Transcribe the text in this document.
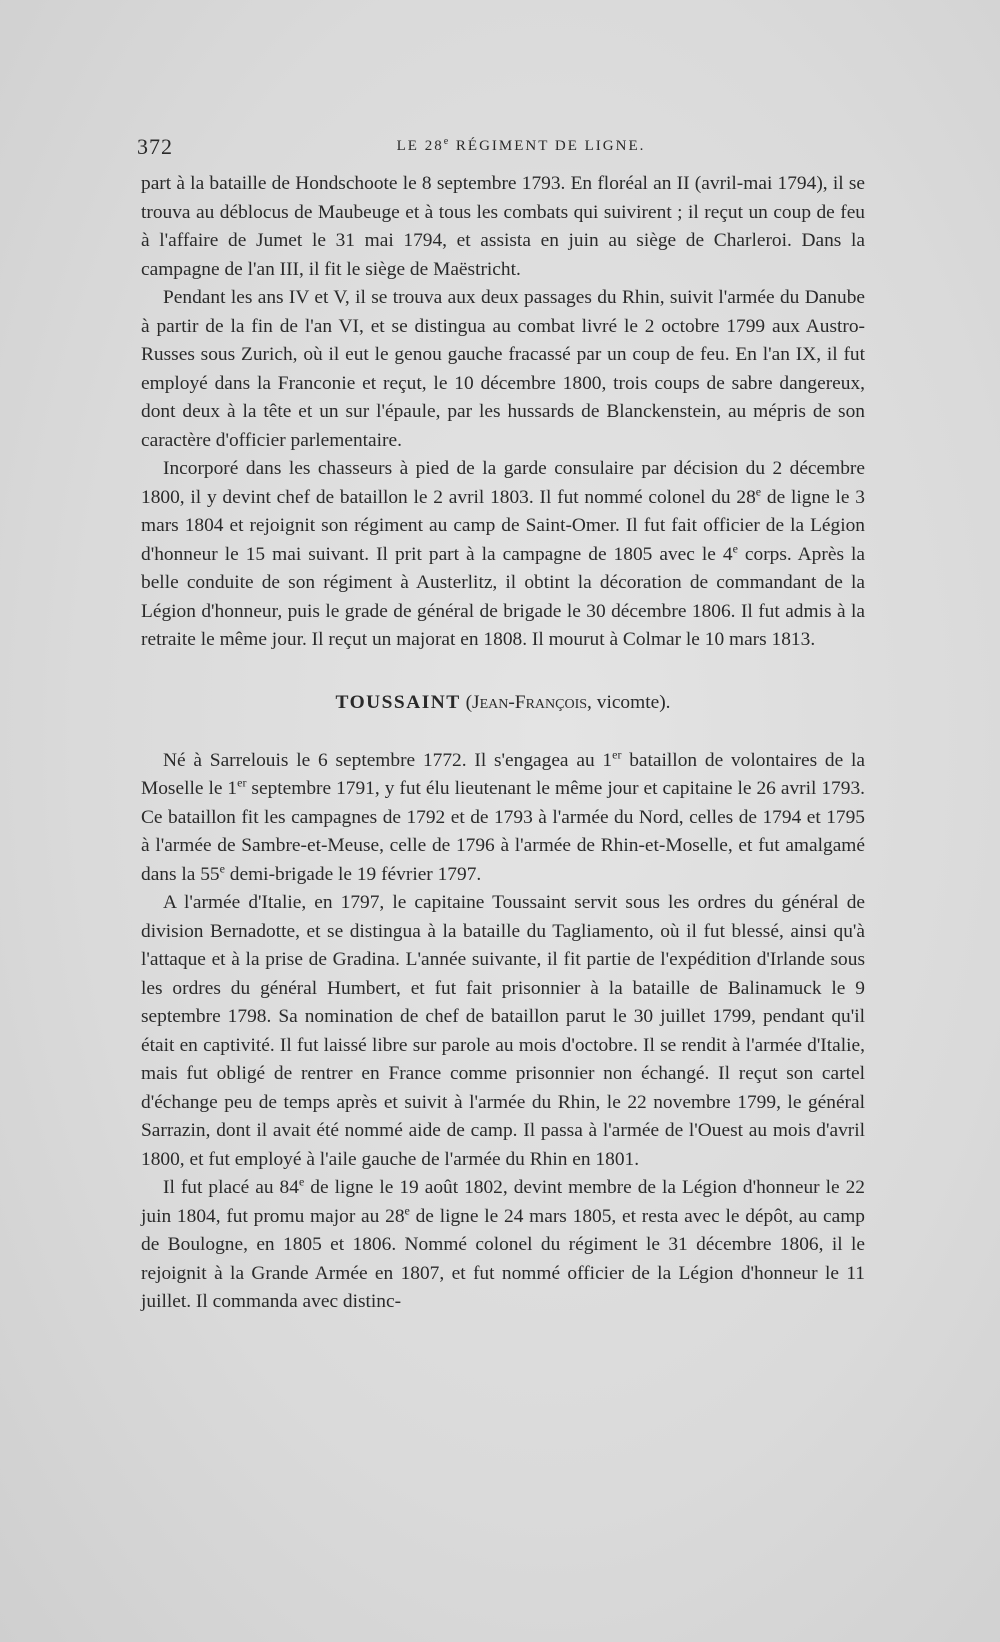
372	LE 28e RÉGIMENT DE LIGNE.

part à la bataille de Hondschoote le 8 septembre 1793. En floréal an II (avril-mai 1794), il se trouva au déblocus de Maubeuge et à tous les combats qui suivirent ; il reçut un coup de feu à l'affaire de Jumet le 31 mai 1794, et assista en juin au siège de Charleroi. Dans la campagne de l'an III, il fit le siège de Maëstricht.

Pendant les ans IV et V, il se trouva aux deux passages du Rhin, suivit l'armée du Danube à partir de la fin de l'an VI, et se distingua au combat livré le 2 octobre 1799 aux Austro-Russes sous Zurich, où il eut le genou gauche fracassé par un coup de feu. En l'an IX, il fut employé dans la Franconie et reçut, le 10 décembre 1800, trois coups de sabre dangereux, dont deux à la tête et un sur l'épaule, par les hussards de Blanckenstein, au mépris de son caractère d'officier parlementaire.

Incorporé dans les chasseurs à pied de la garde consulaire par décision du 2 décembre 1800, il y devint chef de bataillon le 2 avril 1803. Il fut nommé colonel du 28e de ligne le 3 mars 1804 et rejoignit son régiment au camp de Saint-Omer. Il fut fait officier de la Légion d'honneur le 15 mai suivant. Il prit part à la campagne de 1805 avec le 4e corps. Après la belle conduite de son régiment à Austerlitz, il obtint la décoration de commandant de la Légion d'honneur, puis le grade de général de brigade le 30 décembre 1806. Il fut admis à la retraite le même jour. Il reçut un majorat en 1808. Il mourut à Colmar le 10 mars 1813.

TOUSSAINT (Jean-François, vicomte).

Né à Sarrelouis le 6 septembre 1772. Il s'engagea au 1er bataillon de volontaires de la Moselle le 1er septembre 1791, y fut élu lieutenant le même jour et capitaine le 26 avril 1793. Ce bataillon fit les campagnes de 1792 et de 1793 à l'armée du Nord, celles de 1794 et 1795 à l'armée de Sambre-et-Meuse, celle de 1796 à l'armée de Rhin-et-Moselle, et fut amalgamé dans la 55e demi-brigade le 19 février 1797.

A l'armée d'Italie, en 1797, le capitaine Toussaint servit sous les ordres du général de division Bernadotte, et se distingua à la bataille du Tagliamento, où il fut blessé, ainsi qu'à l'attaque et à la prise de Gradina. L'année suivante, il fit partie de l'expédition d'Irlande sous les ordres du général Humbert, et fut fait prisonnier à la bataille de Balinamuck le 9 septembre 1798. Sa nomination de chef de bataillon parut le 30 juillet 1799, pendant qu'il était en captivité. Il fut laissé libre sur parole au mois d'octobre. Il se rendit à l'armée d'Italie, mais fut obligé de rentrer en France comme prisonnier non échangé. Il reçut son cartel d'échange peu de temps après et suivit à l'armée du Rhin, le 22 novembre 1799, le général Sarrazin, dont il avait été nommé aide de camp. Il passa à l'armée de l'Ouest au mois d'avril 1800, et fut employé à l'aile gauche de l'armée du Rhin en 1801.

Il fut placé au 84e de ligne le 19 août 1802, devint membre de la Légion d'honneur le 22 juin 1804, fut promu major au 28e de ligne le 24 mars 1805, et resta avec le dépôt, au camp de Boulogne, en 1805 et 1806. Nommé colonel du régiment le 31 décembre 1806, il le rejoignit à la Grande Armée en 1807, et fut nommé officier de la Légion d'honneur le 11 juillet. Il commanda avec distinc-
